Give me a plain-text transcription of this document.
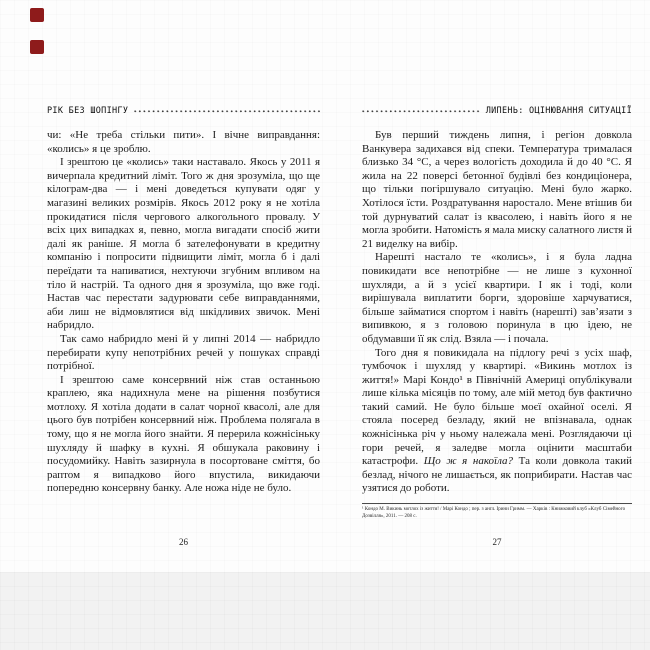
РІК БЕЗ ШОПІНГУ

чи: «Не треба стільки пити». І вічне виправдання: «колись» я це зроблю.

І зрештою це «колись» таки наставало. Якось у 2011 я вичерпала кредитний ліміт. Того ж дня зрозуміла, що ще кілограм-два — і мені доведеться купувати одяг у магазині великих розмірів. Якось 2012 року я не хотіла прокидатися після чергового алкогольного провалу. У всіх цих випадках я, певно, могла вигадати спосіб жити далі як раніше. Я могла б зателефонувати в кредитну компанію і попросити підвищити ліміт, могла б і далі переїдати та напиватися, нехтуючи згубним впливом на тіло й настрій. Та одного дня я зрозуміла, що вже годі. Настав час перестати задурювати себе виправданнями, аби лиш не відмовлятися від шкідливих звичок. Мені набридло.

Так само набридло мені й у липні 2014 — набридло перебирати купу непотрібних речей у пошуках справді потрібної.

І зрештою саме консервний ніж став останньою краплею, яка надихнула мене на рішення позбутися мотлоху. Я хотіла додати в салат чорної квасолі, але для цього був потрібен консервний ніж. Проблема полягала в тому, що я не могла його знайти. Я перерила кожнісіньку шухляду й шафку в кухні. Я обшукала раковину і посудомийку. Навіть зазирнула в посортоване сміття, бо раптом я випадково його впустила, викидаючи попередню консервну банку. Але ножа ніде не було.

26
ЛИПЕНЬ: ОЦІНЮВАННЯ СИТУАЦІЇ

Був перший тиждень липня, і регіон довкола Ванкувера задихався від спеки. Температура трималася близько 34 °C, а через вологість доходила й до 40 °C. Я жила на 22 поверсі бетонної будівлі без кондиціонера, що тільки погіршувало ситуацію. Мені було жарко. Хотілося їсти. Роздратування наростало. Мене втішив би той дурнуватий салат із квасолею, і навіть його я не могла зробити. Натомість я мала миску салатного листя й 21 виделку на вибір.

Нарешті настало те «колись», і я була ладна повикидати все непотрібне — не лише з кухонної шухляди, а й з усієї квартири. І як і тоді, коли вирішувала виплатити борги, здоровіше харчуватися, більше займатися спортом і навіть (нарешті) зав’язати з випивкою, я з головою поринула в цю ідею, не обдумавши її як слід. Взяла — і почала.

Того дня я повикидала на підлогу речі з усіх шаф, тумбочок і шухляд у квартирі. «Викинь мотлох із життя!» Марі Кондо¹ в Північній Америці опублікували лише кілька місяців по тому, але мій метод був фактично такий самий. Не було більше моєї охайної оселі. Я стояла посеред безладу, який не впізнавала, однак кожнісінька річ у ньому належала мені. Розглядаючи ці гори речей, я заледве могла оцінити масштаби катастрофи. Що ж я накоїла? Та коли довкола такий безлад, нічого не лишається, як поприбирати. Настав час узятися до роботи.

¹ Кондо М. Викинь мотлох із життя! / Марі Кондо ; пер. з англ. Ірини Гримм. — Харків : Книжковий клуб «Клуб Сімейного Дозвілля», 2011. — 208 с.
27
